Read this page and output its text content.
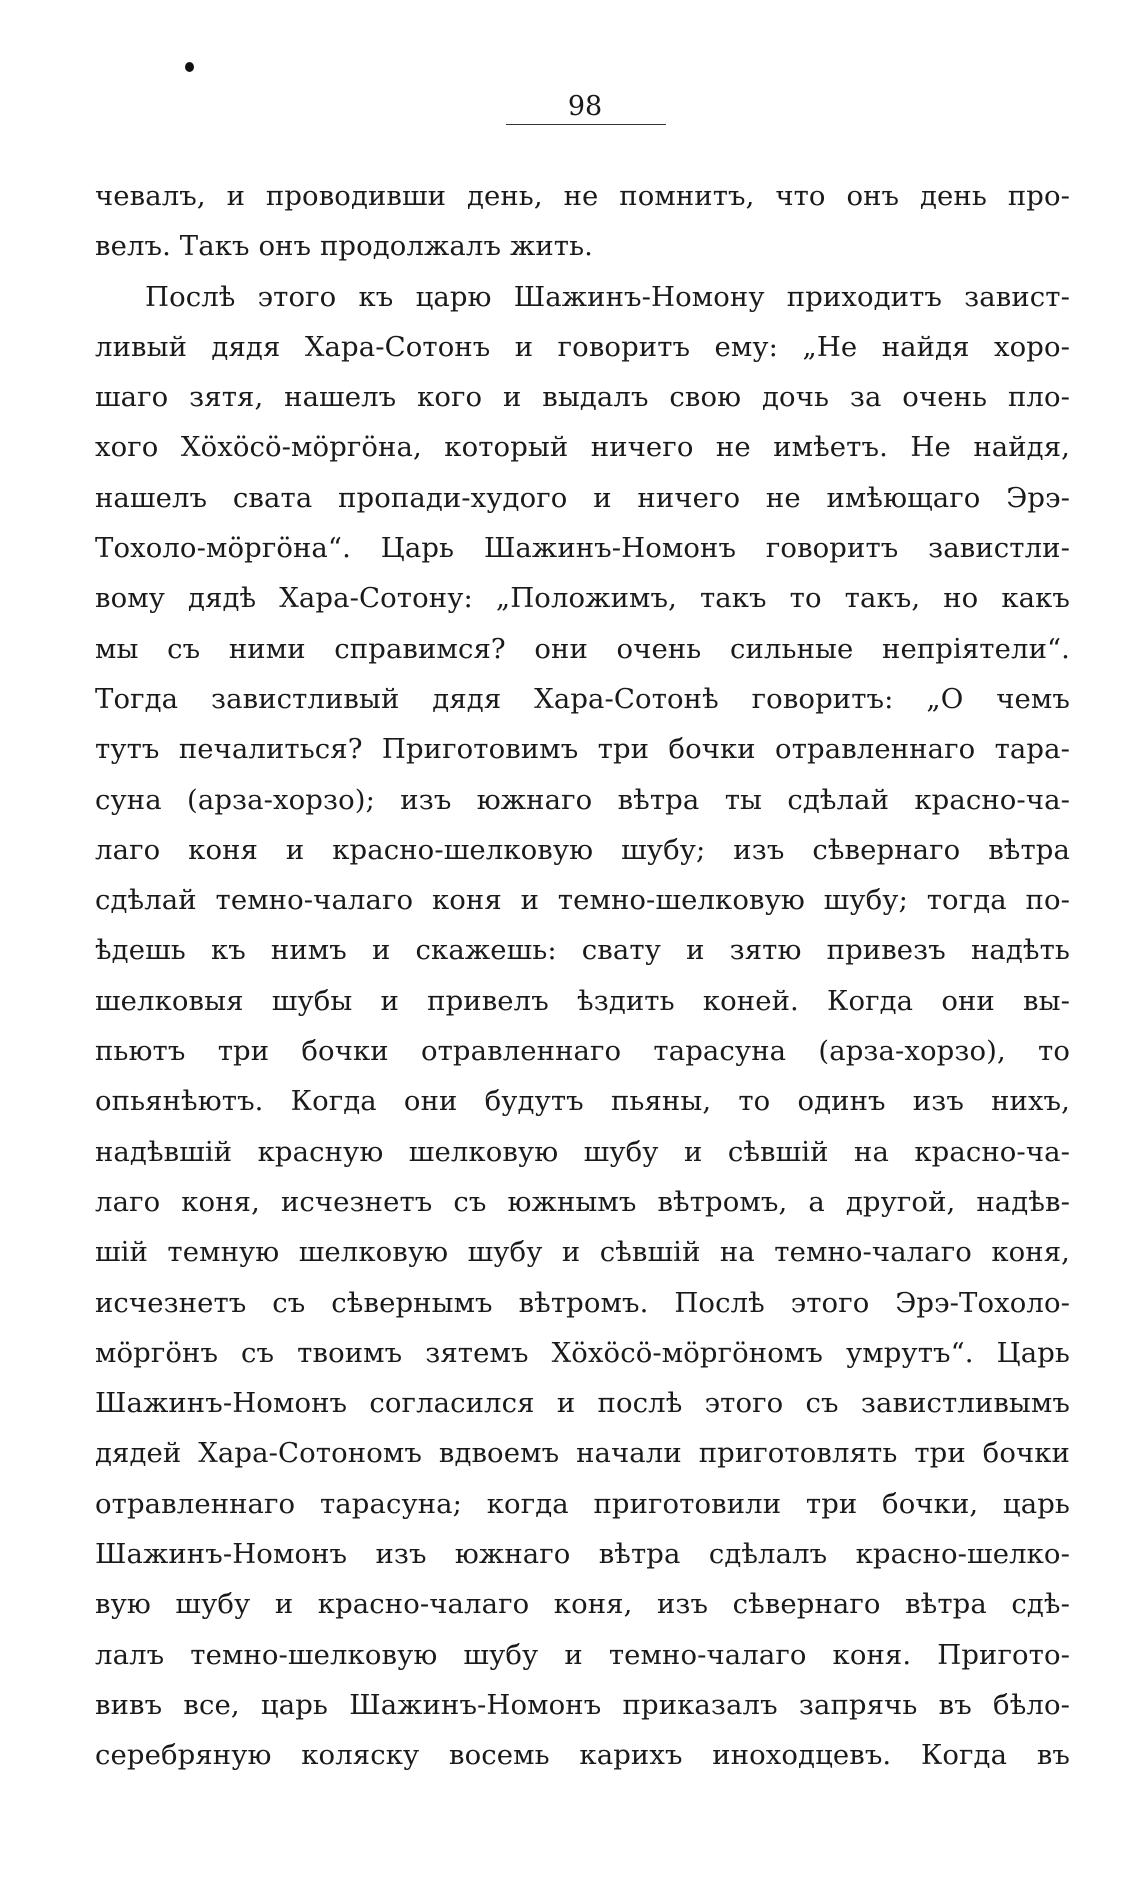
98
чевалъ, и проводивши день, не помнитъ, что онъ день про-
велъ. Такъ онъ продолжалъ жить.
Послѣ этого къ царю Шажинъ-Номону приходитъ завист-
ливый дядя Хара-Сотонъ и говоритъ ему: „Не найдя хоро-
шаго зятя, нашелъ кого и выдалъ свою дочь за очень пло-
хого Хӧхӧсӧ-мӧргӧна, который ничего не имѣетъ. Не найдя,
нашелъ свата пропади-худого и ничего не имѣющаго Эрэ-
Тохоло-мӧргӧна“. Царь Шажинъ-Номонъ говоритъ завистли-
вому дядѣ Хара-Сотону: „Положимъ, такъ то такъ, но какъ
мы съ ними справимся? они очень сильные непріятели“.
Тогда завистливый дядя Хара-Сотонѣ говоритъ: „О чемъ
тутъ печалиться? Приготовимъ три бочки отравленнаго тара-
суна (арза-хорзо); изъ южнаго вѣтра ты сдѣлай красно-ча-
лаго коня и красно-шелковую шубу; изъ сѣвернаго вѣтра
сдѣлай темно-чалаго коня и темно-шелковую шубу; тогда по-
ѣдешь къ нимъ и скажешь: свату и зятю привезъ надѣть
шелковыя шубы и привелъ ѣздить коней. Когда они вы-
пьютъ три бочки отравленнаго тарасуна (арза-хорзо), то
опьянѣютъ. Когда они будутъ пьяны, то одинъ изъ нихъ,
надѣвшій красную шелковую шубу и сѣвшій на красно-ча-
лаго коня, исчезнетъ съ южнымъ вѣтромъ, а другой, надѣв-
шій темную шелковую шубу и сѣвшій на темно-чалаго коня,
исчезнетъ съ сѣвернымъ вѣтромъ. Послѣ этого Эрэ-Тохоло-
мӧргӧнъ съ твоимъ зятемъ Хӧхӧсӧ-мӧргӧномъ умрутъ“. Царь
Шажинъ-Номонъ согласился и послѣ этого съ завистливымъ
дядей Хара-Сотономъ вдвоемъ начали приготовлять три бочки
отравленнаго тарасуна; когда приготовили три бочки, царь
Шажинъ-Номонъ изъ южнаго вѣтра сдѣлалъ красно-шелко-
вую шубу и красно-чалаго коня, изъ сѣвернаго вѣтра сдѣ-
лалъ темно-шелковую шубу и темно-чалаго коня. Пригото-
вивъ все, царь Шажинъ-Номонъ приказалъ запрячь въ бѣло-
серебряную коляску восемь карихъ иноходцевъ. Когда въ
